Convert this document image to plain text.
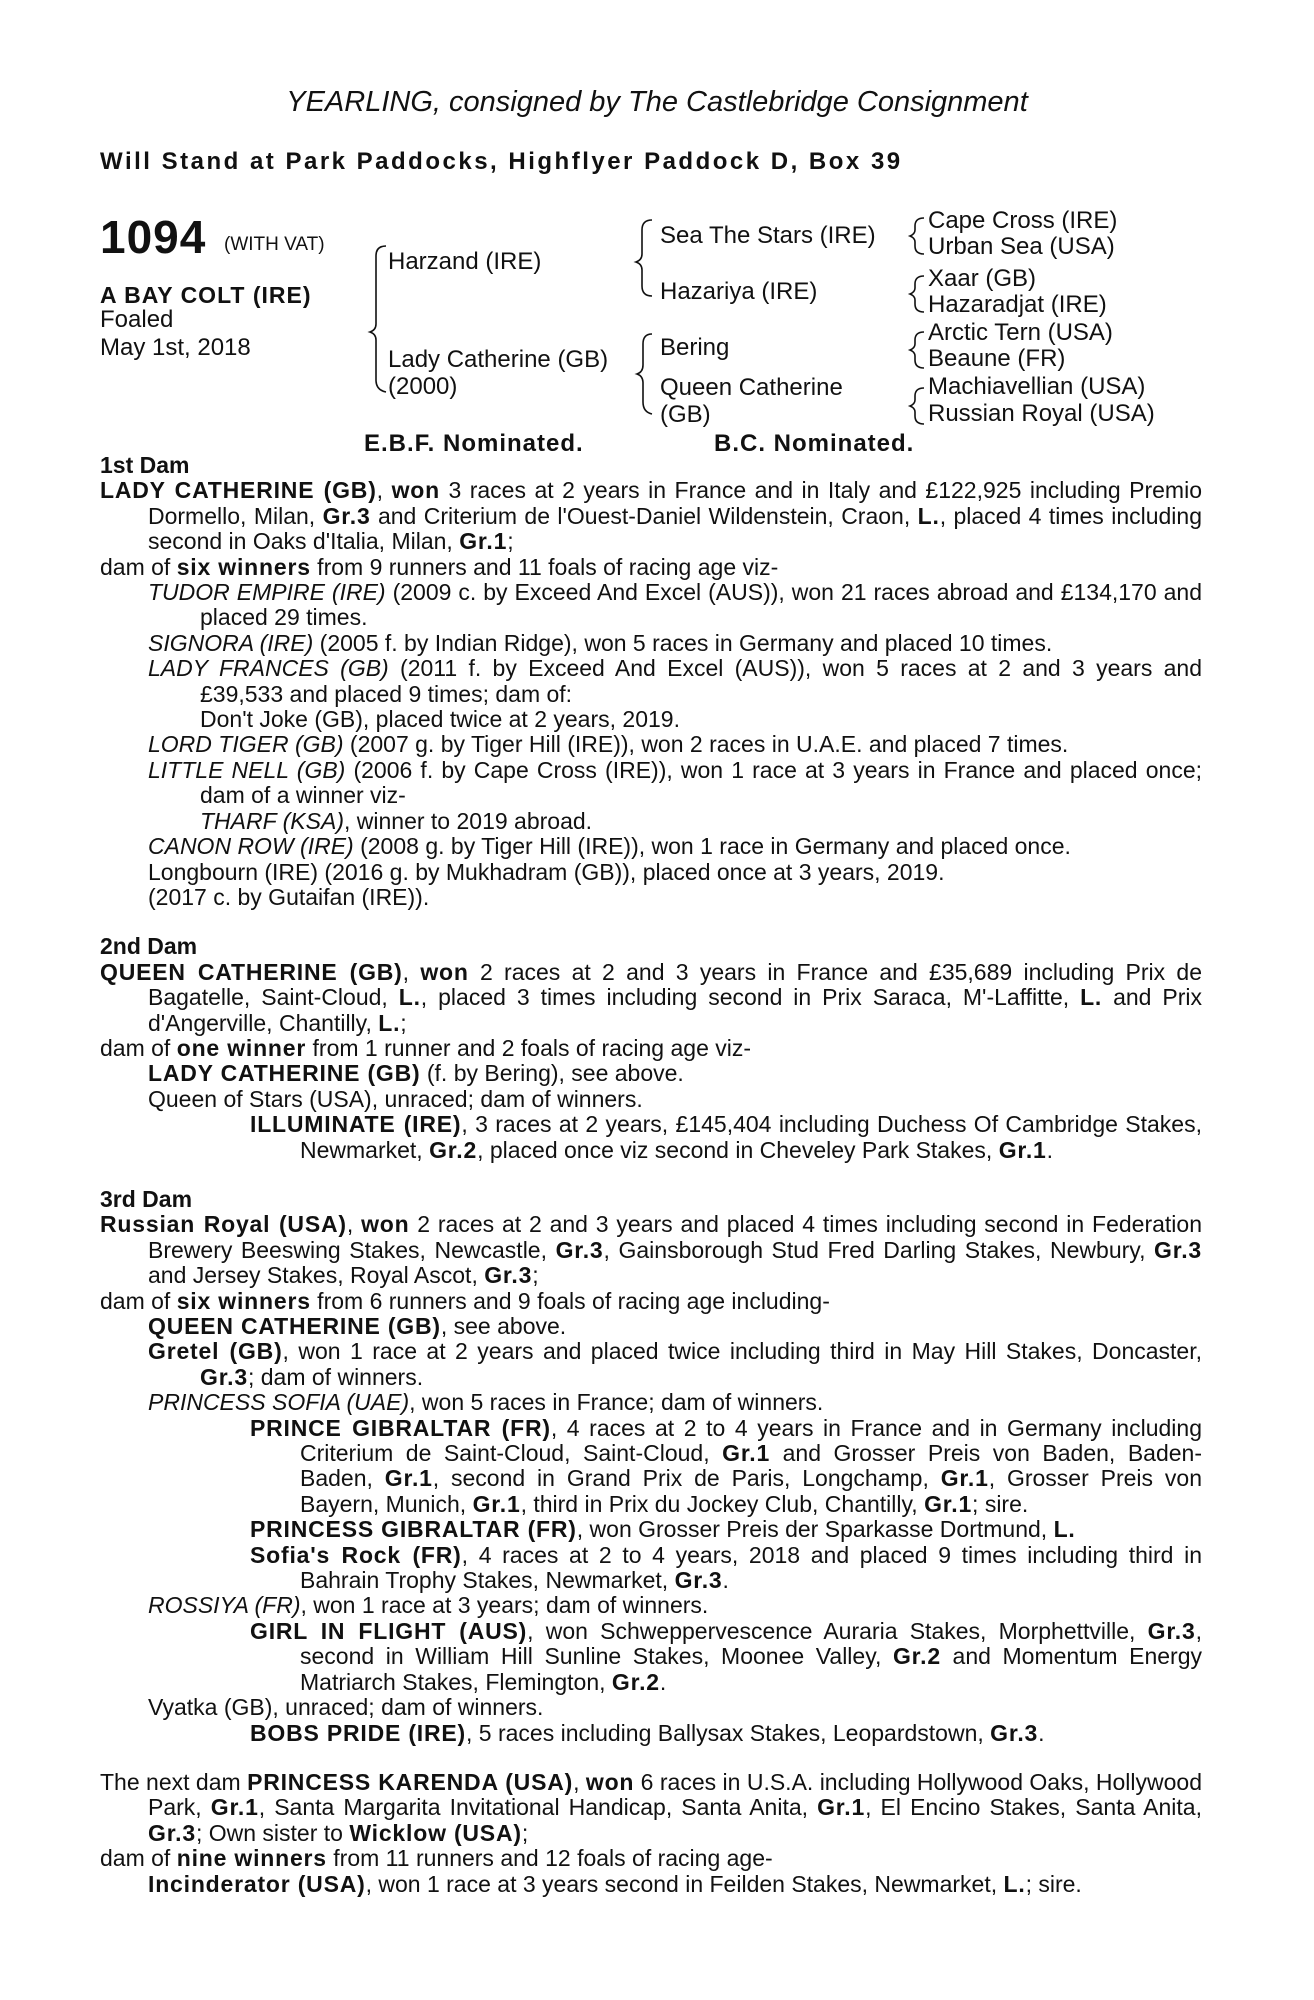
YEARLING, consigned by The Castlebridge Consignment
Will Stand at Park Paddocks, Highflyer Paddock D, Box 39
1094 (WITH VAT)
A BAY COLT (IRE)
Foaled
May 1st, 2018
Harzand (IRE)
Lady Catherine (GB)
(2000)
Sea The Stars (IRE)
Hazariya (IRE)
Bering
Queen Catherine
(GB)
Cape Cross (IRE)
Urban Sea (USA)
Xaar (GB)
Hazaradjat (IRE)
Arctic Tern (USA)
Beaune (FR)
Machiavellian (USA)
Russian Royal (USA)
E.B.F. Nominated.	B.C. Nominated.
1st Dam
LADY CATHERINE (GB), won 3 races at 2 years in France and in Italy and £122,925 including Premio Dormello, Milan, Gr.3 and Criterium de l'Ouest-Daniel Wildenstein, Craon, L., placed 4 times including second in Oaks d'Italia, Milan, Gr.1;
dam of six winners from 9 runners and 11 foals of racing age viz-
TUDOR EMPIRE (IRE) (2009 c. by Exceed And Excel (AUS)), won 21 races abroad and £134,170 and placed 29 times.
SIGNORA (IRE) (2005 f. by Indian Ridge), won 5 races in Germany and placed 10 times.
LADY FRANCES (GB) (2011 f. by Exceed And Excel (AUS)), won 5 races at 2 and 3 years and £39,533 and placed 9 times; dam of:
Don't Joke (GB), placed twice at 2 years, 2019.
LORD TIGER (GB) (2007 g. by Tiger Hill (IRE)), won 2 races in U.A.E. and placed 7 times.
LITTLE NELL (GB) (2006 f. by Cape Cross (IRE)), won 1 race at 3 years in France and placed once; dam of a winner viz-
THARF (KSA), winner to 2019 abroad.
CANON ROW (IRE) (2008 g. by Tiger Hill (IRE)), won 1 race in Germany and placed once.
Longbourn (IRE) (2016 g. by Mukhadram (GB)), placed once at 3 years, 2019.
(2017 c. by Gutaifan (IRE)).
2nd Dam
QUEEN CATHERINE (GB), won 2 races at 2 and 3 years in France and £35,689 including Prix de Bagatelle, Saint-Cloud, L., placed 3 times including second in Prix Saraca, M'-Laffitte, L. and Prix d'Angerville, Chantilly, L.;
dam of one winner from 1 runner and 2 foals of racing age viz-
LADY CATHERINE (GB) (f. by Bering), see above.
Queen of Stars (USA), unraced; dam of winners.
ILLUMINATE (IRE), 3 races at 2 years, £145,404 including Duchess Of Cambridge Stakes, Newmarket, Gr.2, placed once viz second in Cheveley Park Stakes, Gr.1.
3rd Dam
Russian Royal (USA), won 2 races at 2 and 3 years and placed 4 times including second in Federation Brewery Beeswing Stakes, Newcastle, Gr.3, Gainsborough Stud Fred Darling Stakes, Newbury, Gr.3 and Jersey Stakes, Royal Ascot, Gr.3;
dam of six winners from 6 runners and 9 foals of racing age including-
QUEEN CATHERINE (GB), see above.
Gretel (GB), won 1 race at 2 years and placed twice including third in May Hill Stakes, Doncaster, Gr.3; dam of winners.
PRINCESS SOFIA (UAE), won 5 races in France; dam of winners.
PRINCE GIBRALTAR (FR), 4 races at 2 to 4 years in France and in Germany including Criterium de Saint-Cloud, Saint-Cloud, Gr.1 and Grosser Preis von Baden, Baden-Baden, Gr.1, second in Grand Prix de Paris, Longchamp, Gr.1, Grosser Preis von Bayern, Munich, Gr.1, third in Prix du Jockey Club, Chantilly, Gr.1; sire.
PRINCESS GIBRALTAR (FR), won Grosser Preis der Sparkasse Dortmund, L.
Sofia's Rock (FR), 4 races at 2 to 4 years, 2018 and placed 9 times including third in Bahrain Trophy Stakes, Newmarket, Gr.3.
ROSSIYA (FR), won 1 race at 3 years; dam of winners.
GIRL IN FLIGHT (AUS), won Schweppervescence Auraria Stakes, Morphettville, Gr.3, second in William Hill Sunline Stakes, Moonee Valley, Gr.2 and Momentum Energy Matriarch Stakes, Flemington, Gr.2.
Vyatka (GB), unraced; dam of winners.
BOBS PRIDE (IRE), 5 races including Ballysax Stakes, Leopardstown, Gr.3.
The next dam PRINCESS KARENDA (USA), won 6 races in U.S.A. including Hollywood Oaks, Hollywood Park, Gr.1, Santa Margarita Invitational Handicap, Santa Anita, Gr.1, El Encino Stakes, Santa Anita, Gr.3; Own sister to Wicklow (USA);
dam of nine winners from 11 runners and 12 foals of racing age-
Incinderator (USA), won 1 race at 3 years second in Feilden Stakes, Newmarket, L.; sire.
